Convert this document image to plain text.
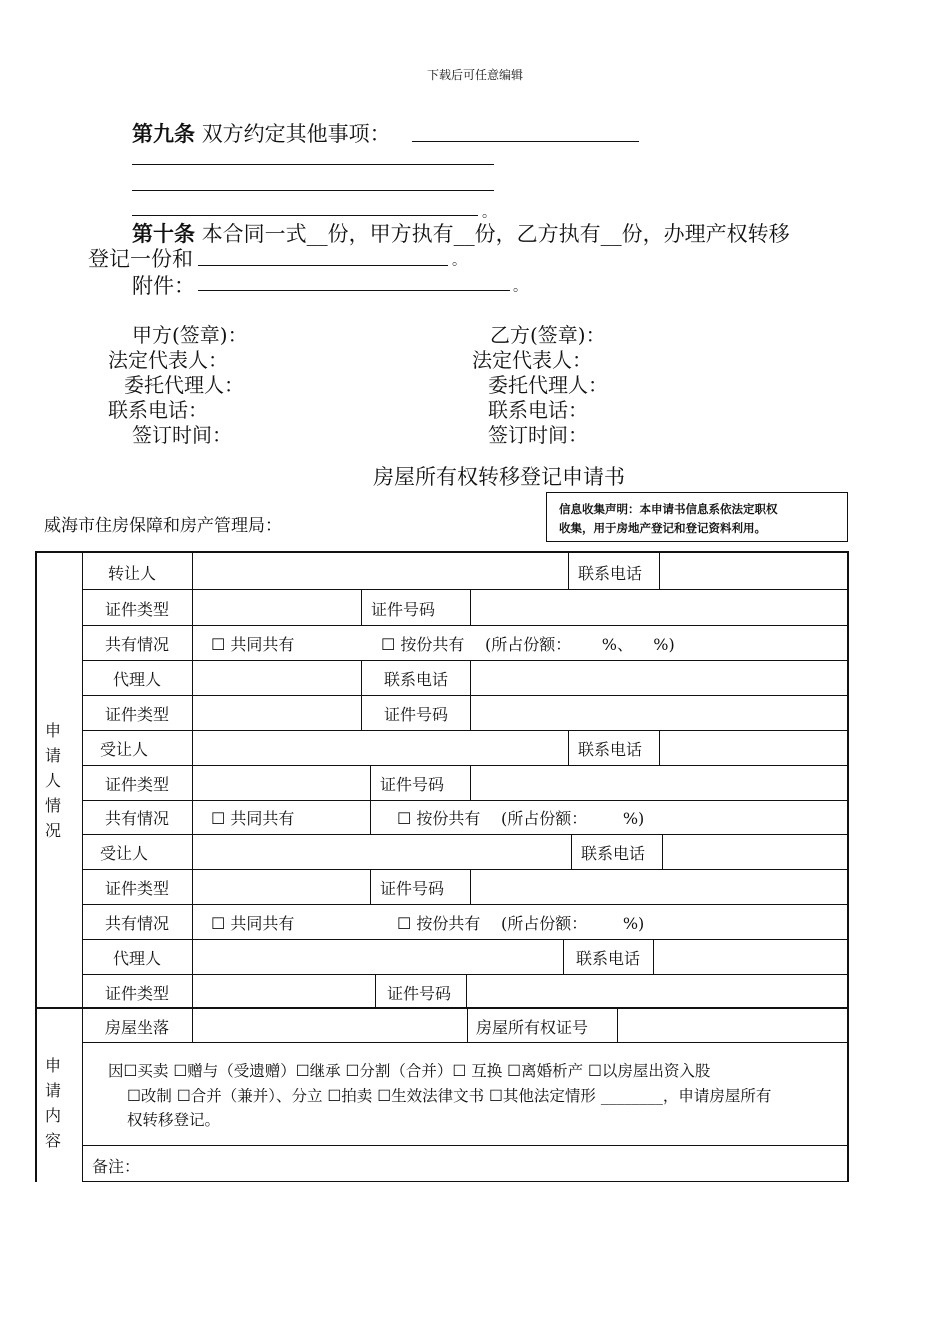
下载后可任意编辑
第九条 双方约定其他事项：
。
第十条 本合同一式__份，甲方执有__份，乙方执有__份，办理产权转移
登记一份和	。
附件：	。
甲方(签章)：
法定代表人：
委托代理人：
联系电话：
签订时间：
乙方(签章)：
法定代表人：
委托代理人：
联系电话：
签订时间：
房屋所有权转移登记申请书
威海市住房保障和房产管理局：
信息收集声明：本申请书信息系依法定职权
收集，用于房地产登记和登记资料利用。
申请人情况
申请内容
转让人	联系电话
证件类型	证件号码
共有情况	☐ 共同共有	☐ 按份共有 (所占份额：      %、    %)
代理人	联系电话
证件类型	证件号码
受让人	联系电话
证件类型	证件号码
共有情况	☐ 共同共有	☐ 按份共有 (所占份额：       %)
受让人	联系电话
证件类型	证件号码
共有情况	☐ 共同共有	☐ 按份共有 (所占份额：       %)
代理人	联系电话
证件类型	证件号码
房屋坐落	房屋所有权证号
因☐买卖 ☐赠与（受遗赠）☐继承 ☐分割（合并）☐ 互换 ☐离婚析产 ☐以房屋出资入股
☐改制 ☐合并（兼并）、分立 ☐拍卖 ☐生效法律文书 ☐其他法定情形 ________，申请房屋所有
权转移登记。
备注：
